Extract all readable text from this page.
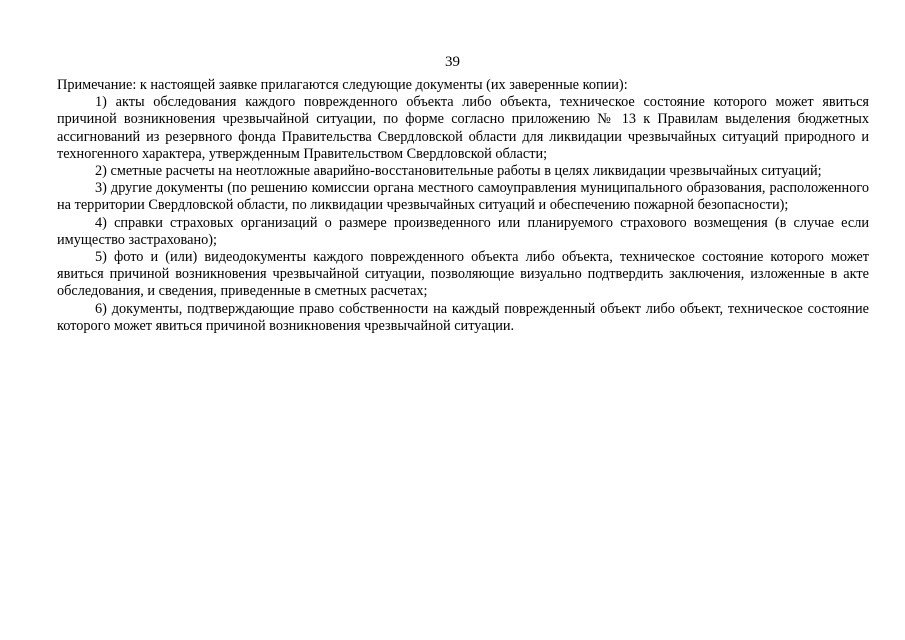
39

Примечание: к настоящей заявке прилагаются следующие документы (их заверенные копии):

1) акты обследования каждого поврежденного объекта либо объекта, техническое состояние которого может явиться причиной возникновения чрезвычайной ситуации, по форме согласно приложению № 13 к Правилам выделения бюджетных ассигнований из резервного фонда Правительства Свердловской области для ликвидации чрезвычайных ситуаций природного и техногенного характера, утвержденным Правительством Свердловской области;

2) сметные расчеты на неотложные аварийно-восстановительные работы в целях ликвидации чрезвычайных ситуаций;

3) другие документы (по решению комиссии органа местного самоуправления муниципального образования, расположенного на территории Свердловской области, по ликвидации чрезвычайных ситуаций и обеспечению пожарной безопасности);

4) справки страховых организаций о размере произведенного или планируемого страхового возмещения (в случае если имущество застраховано);

5) фото и (или) видеодокументы каждого поврежденного объекта либо объекта, техническое состояние которого может явиться причиной возникновения чрезвычайной ситуации, позволяющие визуально подтвердить заключения, изложенные в акте обследования, и сведения, приведенные в сметных расчетах;

6) документы, подтверждающие право собственности на каждый поврежденный объект либо объект, техническое состояние которого может явиться причиной возникновения чрезвычайной ситуации.
